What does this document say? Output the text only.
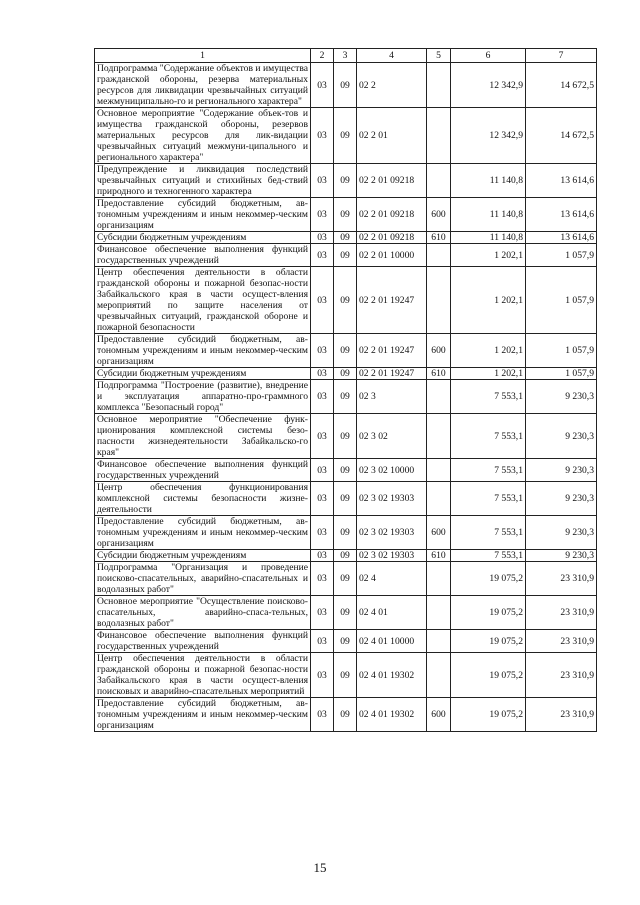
1	2	3	4	5	6	7
Подпрограмма "Содержание объектов и имущества гражданской обороны, резерва материальных ресурсов для ликвидации чрезвычайных ситуаций межмуниципально-го и регионального характера"	03	09	02 2		12 342,9	14 672,5
Основное мероприятие "Содержание объек-тов и имущества гражданской обороны, резервов материальных ресурсов для лик-видации чрезвычайных ситуаций межмуни-ципального и регионального характера"	03	09	02 2 01		12 342,9	14 672,5
Предупреждение и ликвидация последствий чрезвычайных ситуаций и стихийных бед-ствий природного и техногенного характера	03	09	02 2 01 09218		11 140,8	13 614,6
Предоставление субсидий бюджетным, ав-тономным учреждениям и иным некоммер-ческим организациям	03	09	02 2 01 09218	600	11 140,8	13 614,6
Субсидии бюджетным учреждениям	03	09	02 2 01 09218	610	11 140,8	13 614,6
Финансовое обеспечение выполнения функций государственных учреждений	03	09	02 2 01 10000		1 202,1	1 057,9
Центр обеспечения деятельности в области гражданской обороны и пожарной безопас-ности Забайкальского края в части осущест-вления мероприятий по защите населения от чрезвычайных ситуаций, гражданской обороне и пожарной безопасности	03	09	02 2 01 19247		1 202,1	1 057,9
Предоставление субсидий бюджетным, ав-тономным учреждениям и иным некоммер-ческим организациям	03	09	02 2 01 19247	600	1 202,1	1 057,9
Субсидии бюджетным учреждениям	03	09	02 2 01 19247	610	1 202,1	1 057,9
Подпрограмма "Построение (развитие), внедрение и эксплуатация аппаратно-про-граммного комплекса "Безопасный город"	03	09	02 3		7 553,1	9 230,3
Основное мероприятие "Обеспечение функ-ционирования комплексной системы безо-пасности жизнедеятельности Забайкальско-го края"	03	09	02 3 02		7 553,1	9 230,3
Финансовое обеспечение выполнения функций государственных учреждений	03	09	02 3 02 10000		7 553,1	9 230,3
Центр обеспечения функционирования комплексной системы безопасности жизне-деятельности	03	09	02 3 02 19303		7 553,1	9 230,3
Предоставление субсидий бюджетным, ав-тономным учреждениям и иным некоммер-ческим организациям	03	09	02 3 02 19303	600	7 553,1	9 230,3
Субсидии бюджетным учреждениям	03	09	02 3 02 19303	610	7 553,1	9 230,3
Подпрограмма "Организация и проведение поисково-спасательных, аварийно-спасательных и водолазных работ"	03	09	02 4		19 075,2	23 310,9
Основное мероприятие "Осуществление поисково-спасательных, аварийно-спаса-тельных, водолазных работ"	03	09	02 4 01		19 075,2	23 310,9
Финансовое обеспечение выполнения функций государственных учреждений	03	09	02 4 01 10000		19 075,2	23 310,9
Центр обеспечения деятельности в области гражданской обороны и пожарной безопас-ности Забайкальского края в части осущест-вления поисковых и аварийно-спасательных мероприятий	03	09	02 4 01 19302		19 075,2	23 310,9
Предоставление субсидий бюджетным, ав-тономным учреждениям и иным некоммер-ческим организациям	03	09	02 4 01 19302	600	19 075,2	23 310,9
15
